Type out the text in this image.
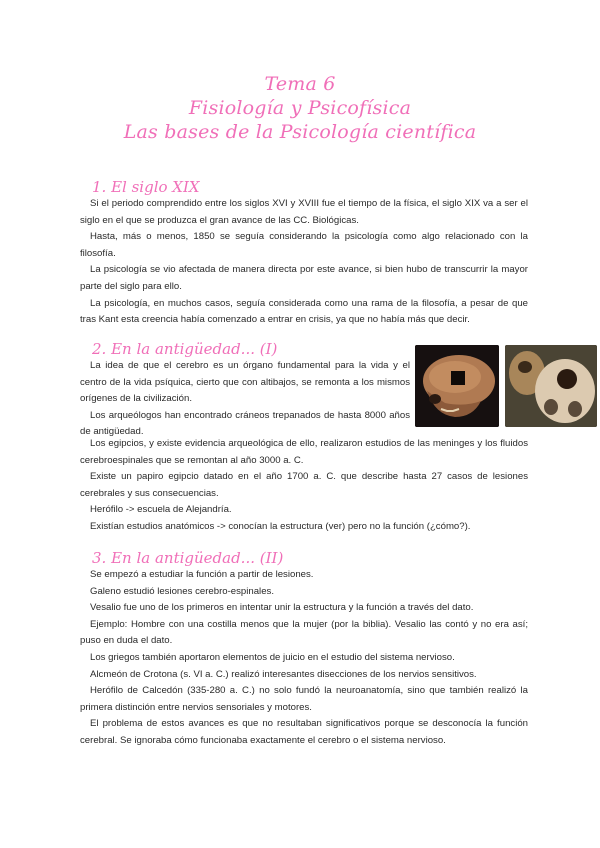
Tema 6
Fisiología y Psicofísica
Las bases de la Psicología científica
1. El siglo XIX

Si el periodo comprendido entre los siglos XVI y XVIII fue el tiempo de la física, el siglo XIX va a ser el siglo en el que se produzca el gran avance de las CC. Biológicas.

Hasta, más o menos, 1850 se seguía considerando la psicología como algo relacionado con la filosofía.

La psicología se vio afectada de manera directa por este avance, si bien hubo de transcurrir la mayor parte del siglo para ello.

La psicología, en muchos casos, seguía considerada como una rama de la filosofía, a pesar de que tras Kant esta creencia había comenzado a entrar en crisis, ya que no había más que decir.

2. En la antigüedad... (I)

La idea de que el cerebro es un órgano fundamental para la vida y el centro de la vida psíquica, cierto que con altibajos, se remonta a los mismos orígenes de la civilización.

Los arqueólogos han encontrado cráneos trepanados de hasta 8000 años de antigüedad.

Los egipcios, y existe evidencia arqueológica de ello, realizaron estudios de las meninges y los fluidos cerebroespinales que se remontan al año 3000 a. C.

Existe un papiro egipcio datado en el año 1700 a. C. que describe hasta 27 casos de lesiones cerebrales y sus consecuencias.

Herófilo -> escuela de Alejandría.

Existían estudios anatómicos -> conocían la estructura (ver) pero no la función (¿cómo?).

3. En la antigüedad... (II)

Se empezó a estudiar la función a partir de lesiones.

Galeno estudió lesiones cerebro-espinales.

Vesalio fue uno de los primeros en intentar unir la estructura y la función a través del dato.

Ejemplo: Hombre con una costilla menos que la mujer (por la biblia). Vesalio las contó y no era así; puso en duda el dato.

Los griegos también aportaron elementos de juicio en el estudio del sistema nervioso.

Alcmeón de Crotona (s. VI a. C.) realizó interesantes disecciones de los nervios sensitivos.

Herófilo de Calcedón (335-280 a. C.) no solo fundó la neuroanatomía, sino que también realizó la primera distinción entre nervios sensoriales y motores.

El problema de estos avances es que no resultaban significativos porque se desconocía la función cerebral. Se ignoraba cómo funcionaba exactamente el cerebro o el sistema nervioso.
